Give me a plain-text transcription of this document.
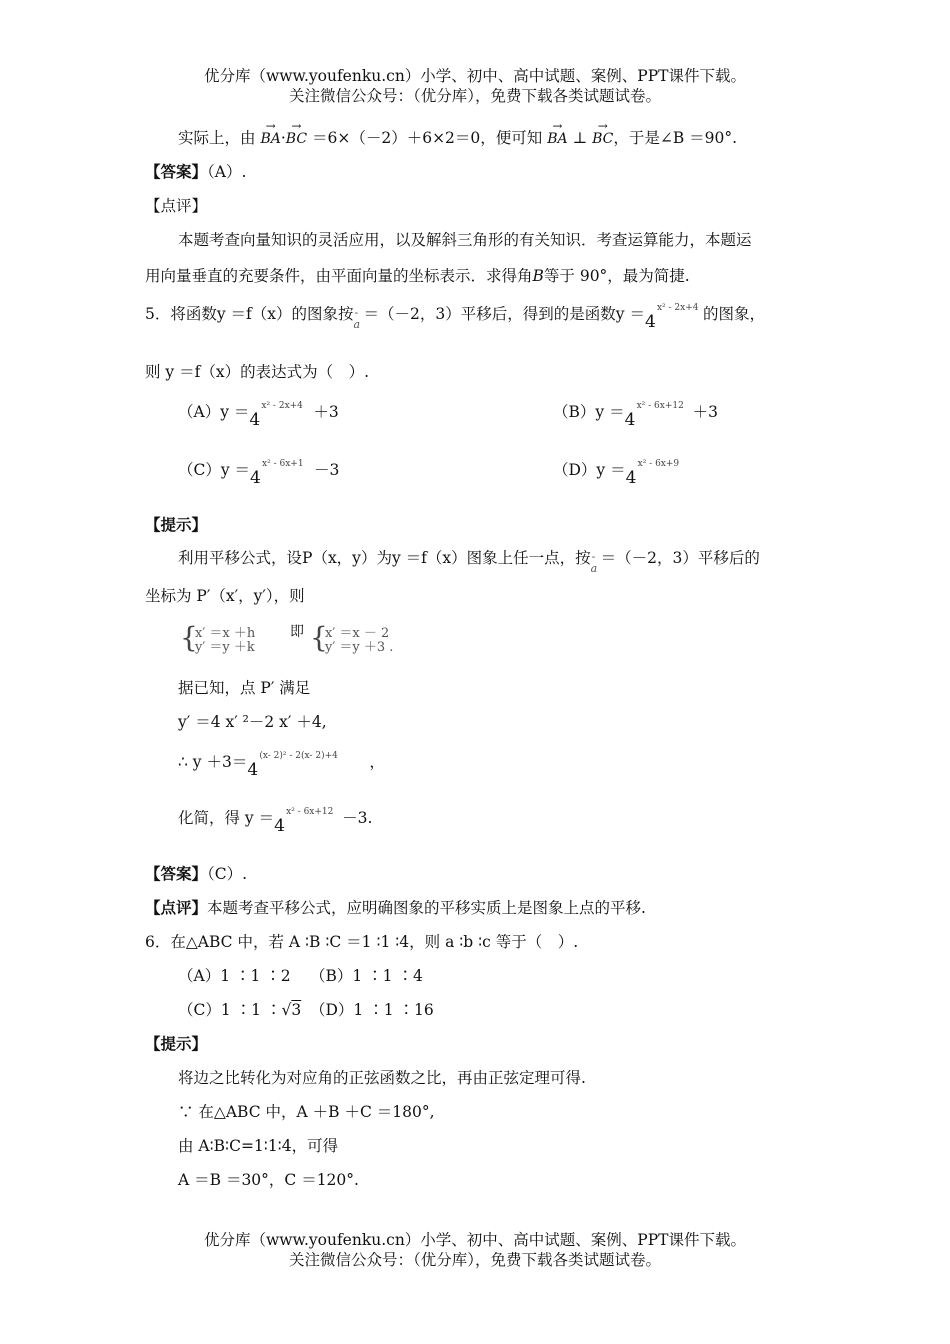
优分库（www.youfenku.cn）小学、初中、高中试题、案例、PPT课件下载。
关注微信公众号：（优分库），免费下载各类试题试卷。
实际上，由 → BA·→ BC ＝6×（－2）＋6×2＝0，便可知 → BA ⊥ → BC，于是∠B ＝90°.
【答案】（A）.
【点评】
本题考查向量知识的灵活应用，以及解斜三角形的有关知识．考查运算能力，本题运
用向量垂直的充要条件，由平面向量的坐标表示．求得角B等于 90°，最为简捷.
5．将函数y ＝f（x）的图象按
- a
＝（－2，3）平移后，得到的是函数y ＝ 4
x² - 2x+4 的图象，
则 y ＝f（x）的表达式为（　）.
（A）y ＝ 4
x² - 2x+4 ＋3	（B）y ＝ 4
x² - 6x+12 ＋3
（C）y ＝ 4
x² - 6x+1 －3	（D）y ＝ 4
x² - 6x+9
【提示】
利用平移公式，设P（x，y）为y ＝f（x）图象上任一点，按
- a
＝（－2，3）平移后的
坐标为 P′（x′，y′），则
{
x′ ＝x ＋h
y′ ＝y ＋k
即 {
x′ ＝x － 2
y′ ＝y ＋3 .
据已知，点 P′ 满足
y′ ＝4 x′ ²－2 x′ ＋4,
∴ y ＋3＝ 4
(x- 2)² - 2(x- 2)+4 ，
化简，得 y ＝ 4
x² - 6x+12 －3.
【答案】（C）.
【点评】本题考查平移公式，应明确图象的平移实质上是图象上点的平移.
6．在△ABC 中，若 A ∶B ∶C ＝1 ∶1 ∶4，则 a ∶b ∶c 等于（　）.
（A）1 ∶1 ∶2 （B）1 ∶1 ∶4
（C）1 ∶1 ∶√3 （D）1 ∶1 ∶16
【提示】
将边之比转化为对应角的正弦函数之比，再由正弦定理可得.
∵ 在△ABC 中，A ＋B ＋C ＝180°,
由 A∶B∶C=1∶1∶4，可得
A ＝B ＝30°，C ＝120°.
优分库（www.youfenku.cn）小学、初中、高中试题、案例、PPT课件下载。
关注微信公众号：（优分库），免费下载各类试题试卷。
